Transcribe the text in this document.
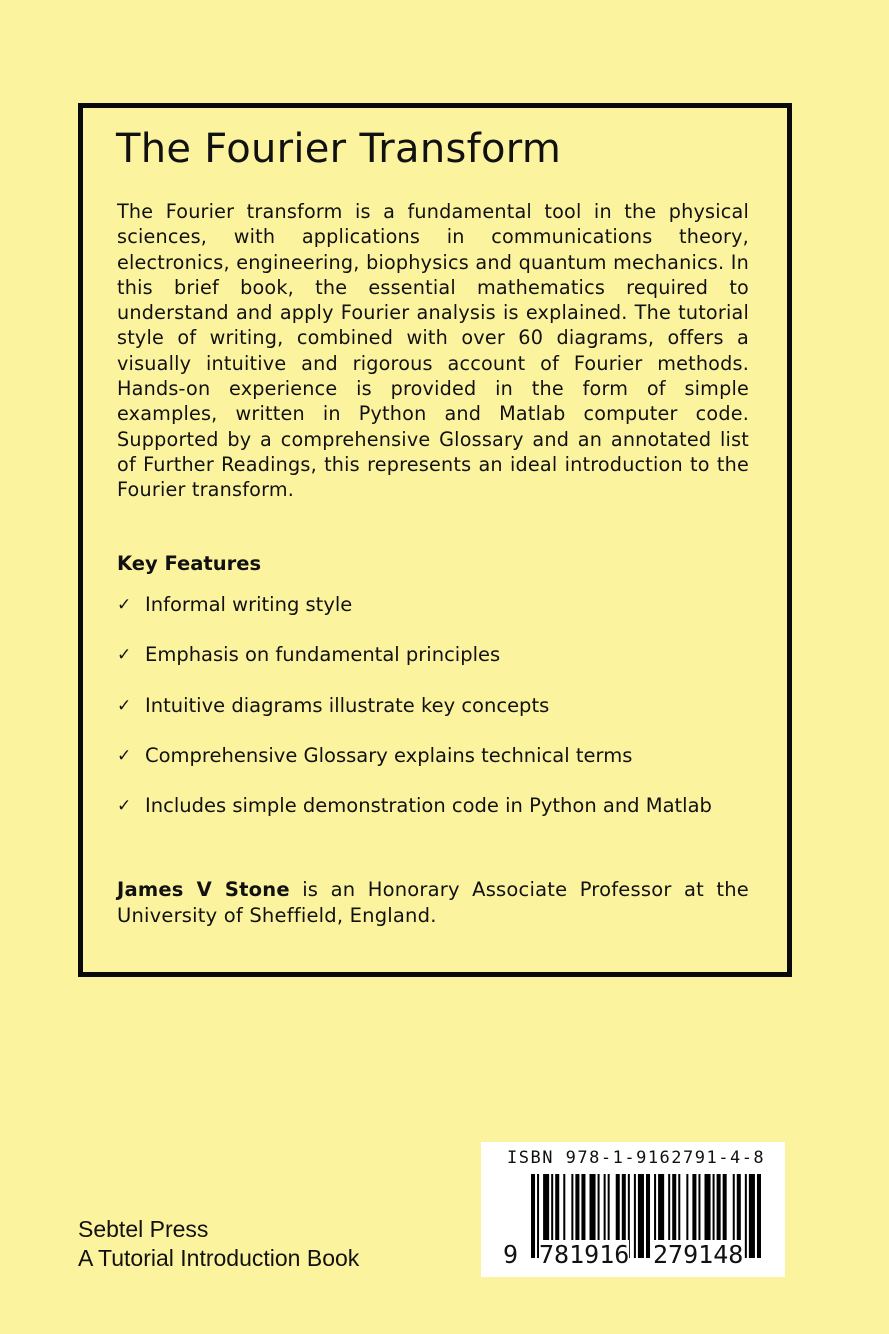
The Fourier Transform

The Fourier transform is a fundamental tool in the physical sciences, with applications in communications theory, electronics, engineering, biophysics and quantum mechanics. In this brief book, the essential mathematics required to understand and apply Fourier analysis is explained. The tutorial style of writing, combined with over 60 diagrams, offers a visually intuitive and rigorous account of Fourier methods. Hands-on experience is provided in the form of simple examples, written in Python and Matlab computer code. Supported by a comprehensive Glossary and an annotated list of Further Readings, this represents an ideal introduction to the Fourier transform.

Key Features
✓ Informal writing style
✓ Emphasis on fundamental principles
✓ Intuitive diagrams illustrate key concepts
✓ Comprehensive Glossary explains technical terms
✓ Includes simple demonstration code in Python and Matlab

James V Stone is an Honorary Associate Professor at the University of Sheffield, England.

Sebtel Press
A Tutorial Introduction Book
ISBN 978-1-9162791-4-8
9 781916 279148
